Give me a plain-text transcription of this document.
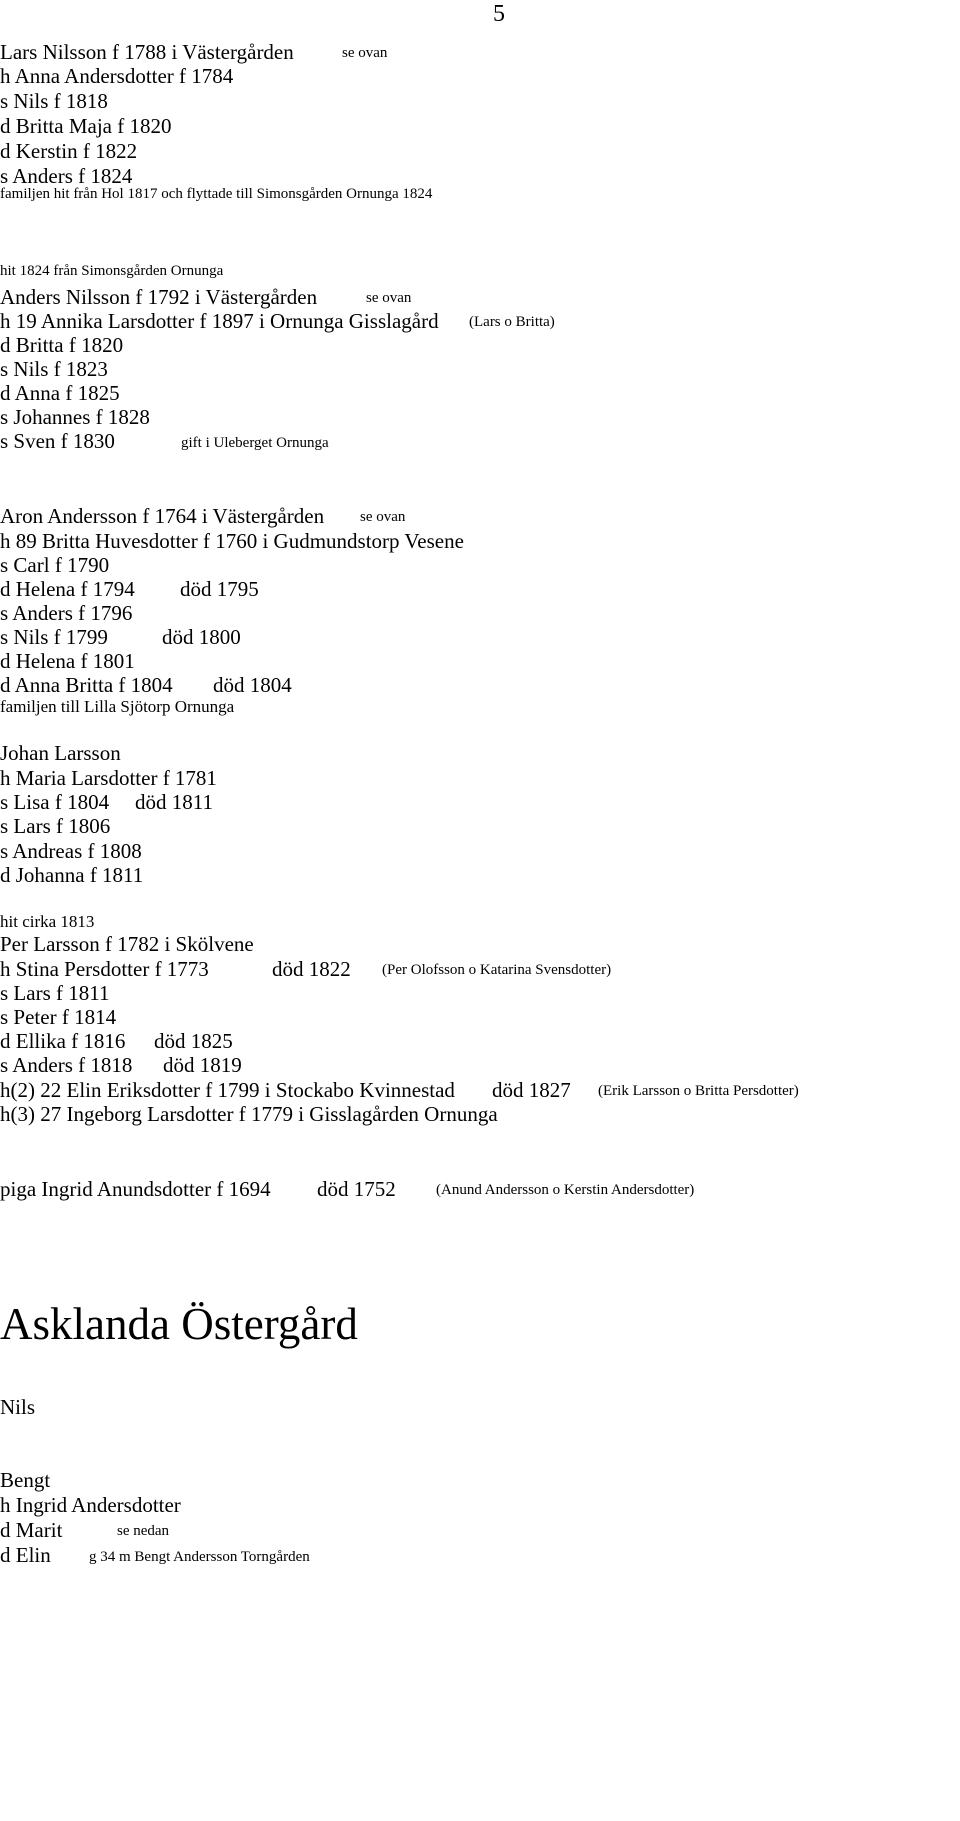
5
Lars Nilsson f 1788 i Västergården	se ovan
h Anna Andersdotter f 1784
s Nils f 1818
d Britta Maja f 1820
d Kerstin f 1822
s Anders f 1824
familjen hit från Hol 1817 och flyttade till Simonsgården Ornunga 1824
hit 1824 från Simonsgården Ornunga
Anders Nilsson f 1792 i Västergården	se ovan
h 19 Annika Larsdotter f 1897 i Ornunga Gisslagård (Lars o Britta)
d Britta f 1820
s Nils f 1823
d Anna f 1825
s Johannes f 1828
s Sven f 1830	gift i Uleberget Ornunga
Aron Andersson f 1764 i Västergården se ovan
h 89 Britta Huvesdotter f 1760 i Gudmundstorp Vesene
s Carl f 1790
d Helena f 1794 död 1795
s Anders f 1796
s Nils f 1799	död 1800
d Helena f 1801
d Anna Britta f 1804 död 1804
familjen till Lilla Sjötorp Ornunga
Johan Larsson
h Maria Larsdotter f 1781
s Lisa f 1804 död 1811
s Lars f 1806
s Andreas f 1808
d Johanna f 1811
hit cirka 1813
Per Larsson f 1782 i Skölvene
h Stina Persdotter f 1773	död 1822 (Per Olofsson o Katarina Svensdotter)
s Lars f 1811
s Peter f 1814
d Ellika f 1816 död 1825
s Anders f 1818 död 1819
h(2) 22 Elin Eriksdotter f 1799 i Stockabo Kvinnestad död 1827 (Erik Larsson o Britta Persdotter)
h(3) 27 Ingeborg Larsdotter f 1779 i Gisslagården Ornunga
piga Ingrid Anundsdotter f 1694 död 1752	(Anund Andersson o Kerstin Andersdotter)
Asklanda Östergård
Nils
Bengt
h Ingrid Andersdotter
d Marit	se nedan
d Elin	g 34 m Bengt Andersson Torngården
